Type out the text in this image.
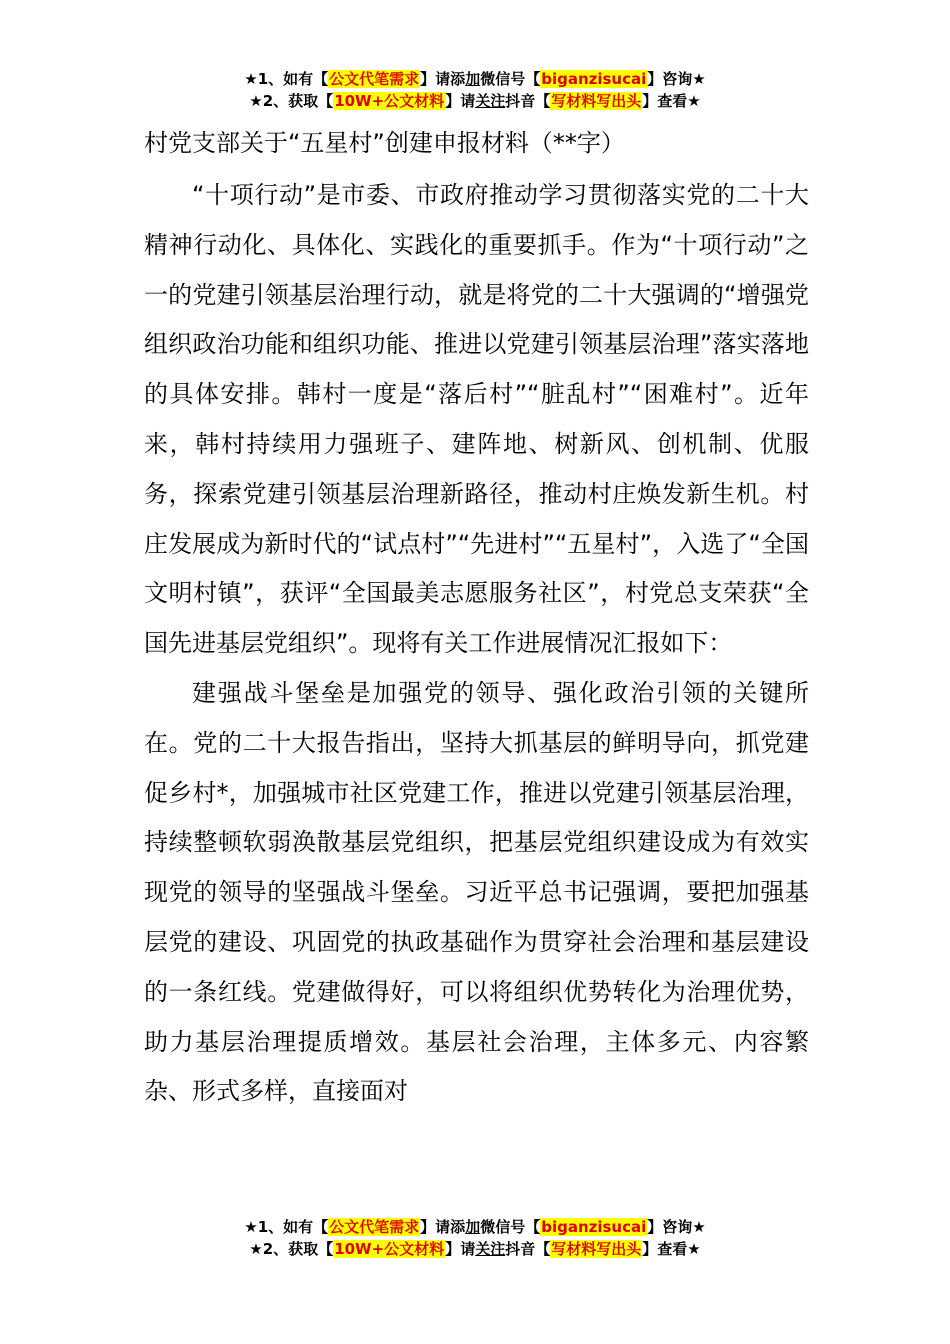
★1、如有【公文代笔需求】请添加微信号【biganzisucai】咨询★
★2、获取【10W+公文材料】请关注抖音【写材料写出头】查看★
村党支部关于“五星村”创建申报材料（**字）

“十项行动”是市委、市政府推动学习贯彻落实党的二十大精神行动化、具体化、实践化的重要抓手。作为“十项行动”之一的党建引领基层治理行动，就是将党的二十大强调的“增强党组织政治功能和组织功能、推进以党建引领基层治理”落实落地的具体安排。韩村一度是“落后村”“脏乱村”“困难村”。近年来，韩村持续用力强班子、建阵地、树新风、创机制、优服务，探索党建引领基层治理新路径，推动村庄焕发新生机。村庄发展成为新时代的“试点村”“先进村”“五星村”，入选了“全国文明村镇”，获评“全国最美志愿服务社区”，村党总支荣获“全国先进基层党组织”。现将有关工作进展情况汇报如下：

建强战斗堡垒是加强党的领导、强化政治引领的关键所在。党的二十大报告指出，坚持大抓基层的鲜明导向，抓党建促乡村*，加强城市社区党建工作，推进以党建引领基层治理，持续整顿软弱涣散基层党组织，把基层党组织建设成为有效实现党的领导的坚强战斗堡垒。习近平总书记强调，要把加强基层党的建设、巩固党的执政基础作为贯穿社会治理和基层建设的一条红线。党建做得好，可以将组织优势转化为治理优势，助力基层治理提质增效。基层社会治理，主体多元、内容繁杂、形式多样，直接面对

★1、如有【公文代笔需求】请添加微信号【biganzisucai】咨询★
★2、获取【10W+公文材料】请关注抖音【写材料写出头】查看★
